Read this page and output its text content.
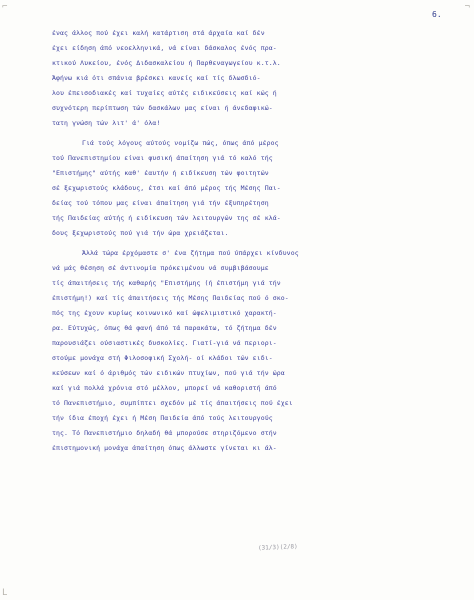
⌐	¬
L
6.
ένας άλλος πού έχει καλή κατάρτιση στά άρχαία καί δέν
έχει είδηση άπό νεοελληνικά, νά είναι δάσκαλος ένός πρα-
κτικού Λυκείου, ένός Διδασκαλείου ή Παρθεναγωγείου κ.τ.λ.
Άφήνω κιά ότι σπάνια βρέσκει κανείς καί τίς δλωσδιό-
λου έπεισοδιακές καί τυχαίες αύτές ειδικεύσεις καί κώς ή
συχνότερη περίπτωση τών δασκάλων μας είναι ή άνεδαφικώ-
τατη γνώση τών λιτ' ά' όλα!
Γιά τούς λόγους αύτούς νομίζω πώς, όπως άπό μέρος
τού Πανεπιστημίου είναι φυσική άπαίτηση γιά τό καλό τής
"Επιστήμης" αύτής καθ' έαυτήν ή ειδίκευση τών φοιτητών
σέ ξεχωριστούς κλάδους, έτσι καί άπό μέρος τής Μέσης Παι-
δείας τού τόπου μας είναι άπαίτηση γιά τήν έξυπηρέτηση
τής Παιδείας αύτής ή ειδίκευση τών λειτουργών της σέ κλά-
δους ξεχωριστούς πού γιά τήν ώρα χρειάζεται.
Άλλά τώρα έρχόμαστε σ' ένα ζήτημα πού ύπάρχει κίνδυνος
νά μάς θέσηση σέ άντινομία πρόκειμένου νά συμβιβάσουμε
τίς άπαιτήσεις τής καθαρής "Επιστήμης (ή έπιστήμη γιά τήν
έπιστήμη!) καί τίς άπαιτήσεις τής Μέσης Παιδείας πού ό σκο-
πός της έχουν κυρίως κοινωνικό καί ώφελιμιστικό χαρακτή-
ρα. Εύτυχώς, όπως θά φανή άπό τά παρακάτω, τό ζήτημα δέν
παρουσιάζει ούσιαστικές δυσκολίες. Γιατί-γιά νά περιορι-
στούμε μονάχα στή Φιλοσοφική Σχολή- οί κλάδοι τών ειδι-
κεύσεων καί ό άριθμός τών ειδικών πτυχίων, πού γιά τήν ώρα
καί γιά πολλά χρόνια στό μέλλον, μπορεί νά καθοριστή άπό
τό Πανεπιστήμιο, συμπίπτει σχεδόν μέ τίς άπαιτήσεις πού έχει
τήν ίδια έποχή έχει ή Μέση Παιδεία άπό τούς λειτουργούς
της. Τό Πανεπιστήμιο δηλαδή θά μπορούσε στηριζόμενο στήν
έπιστημονική μονάχα άπαίτηση όπως άλλωστε γίνεται κι άλ-
(31/3)(2/8)
